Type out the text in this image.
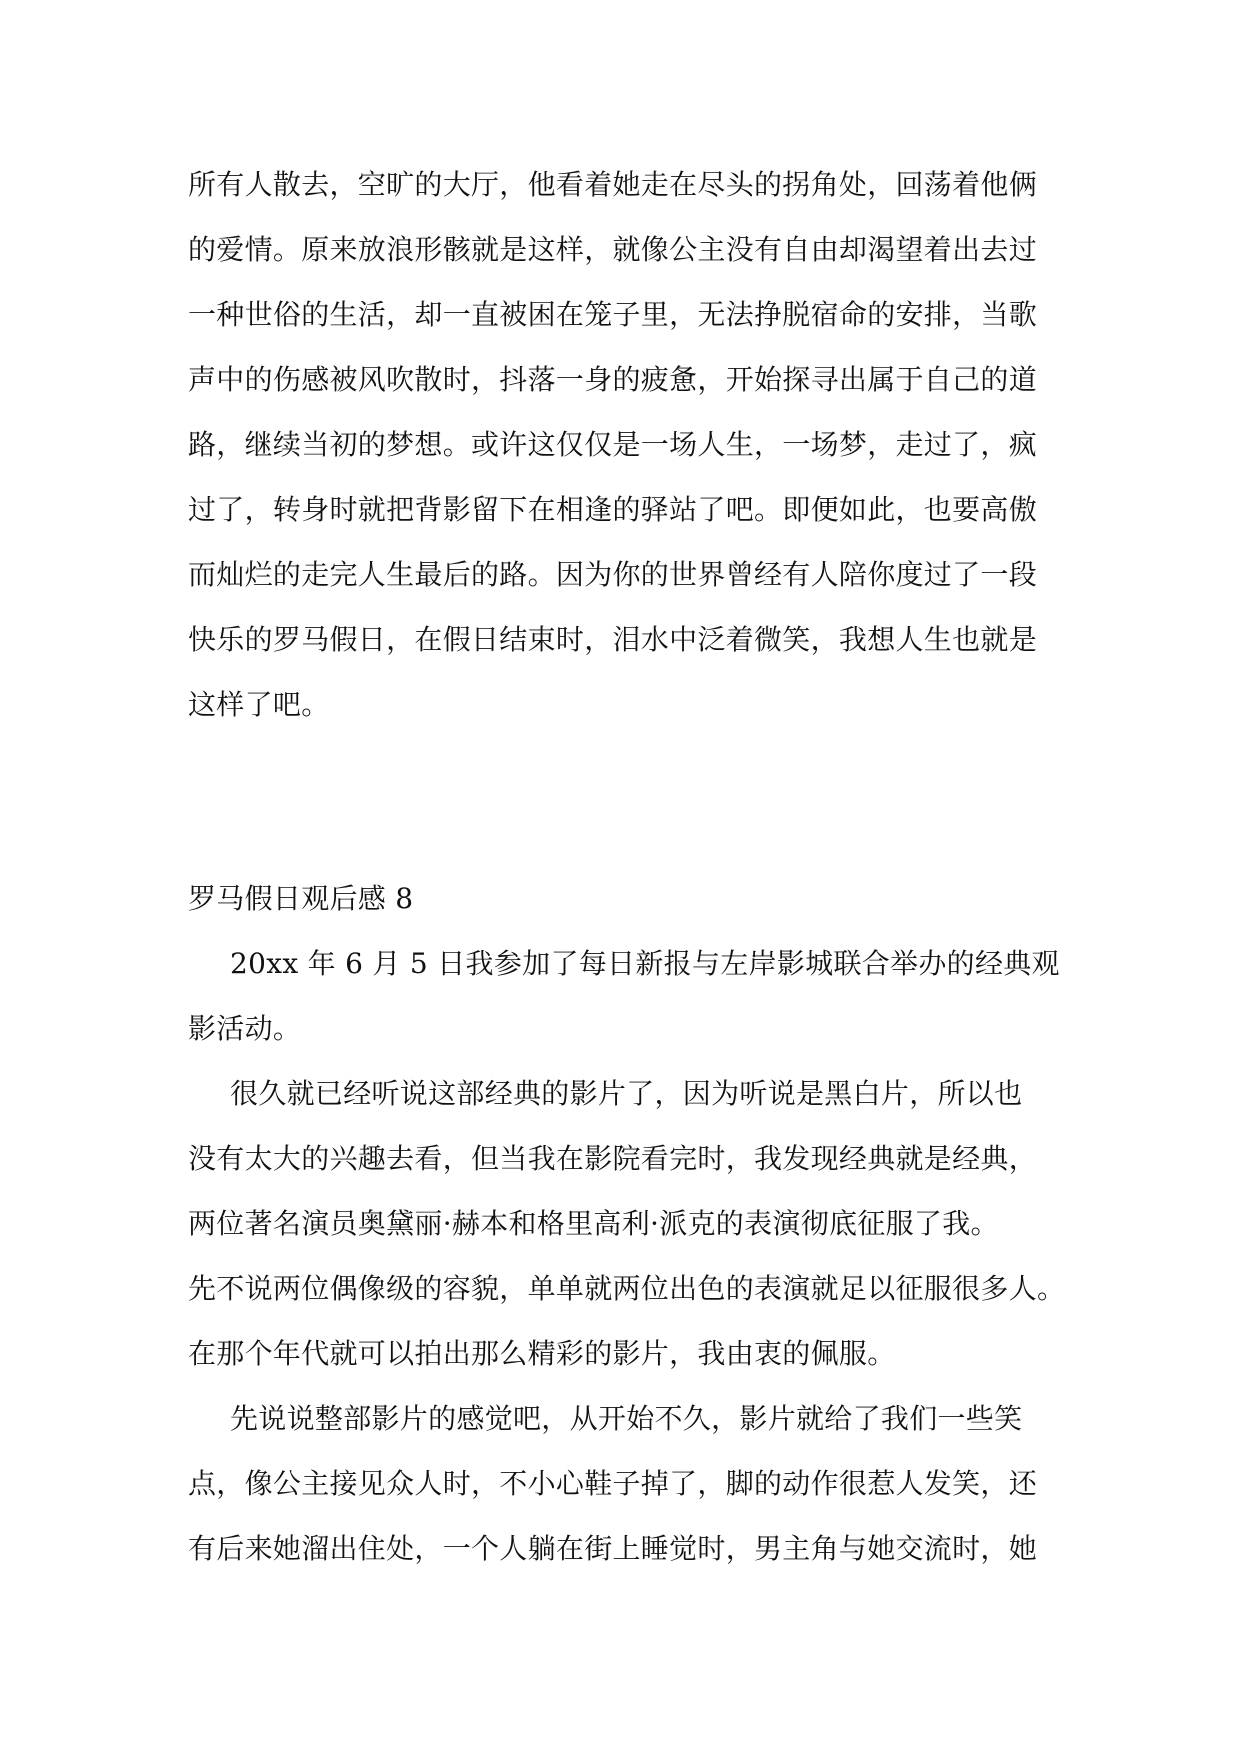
所有人散去，空旷的大厅，他看着她走在尽头的拐角处，回荡着他俩
的爱情。原来放浪形骸就是这样，就像公主没有自由却渴望着出去过
一种世俗的生活，却一直被困在笼子里，无法挣脱宿命的安排，当歌
声中的伤感被风吹散时，抖落一身的疲惫，开始探寻出属于自己的道
路，继续当初的梦想。或许这仅仅是一场人生，一场梦，走过了，疯
过了，转身时就把背影留下在相逢的驿站了吧。即便如此，也要高傲
而灿烂的走完人生最后的路。因为你的世界曾经有人陪你度过了一段
快乐的罗马假日，在假日结束时，泪水中泛着微笑，我想人生也就是
这样了吧。
罗马假日观后感 8
20xx 年 6 月 5 日我参加了每日新报与左岸影城联合举办的经典观
影活动。
很久就已经听说这部经典的影片了，因为听说是黑白片，所以也
没有太大的兴趣去看，但当我在影院看完时，我发现经典就是经典，
两位著名演员奥黛丽·赫本和格里高利·派克的表演彻底征服了我。
先不说两位偶像级的容貌，单单就两位出色的表演就足以征服很多人。
在那个年代就可以拍出那么精彩的影片，我由衷的佩服。
先说说整部影片的感觉吧，从开始不久，影片就给了我们一些笑
点，像公主接见众人时，不小心鞋子掉了，脚的动作很惹人发笑，还
有后来她溜出住处，一个人躺在街上睡觉时，男主角与她交流时，她
